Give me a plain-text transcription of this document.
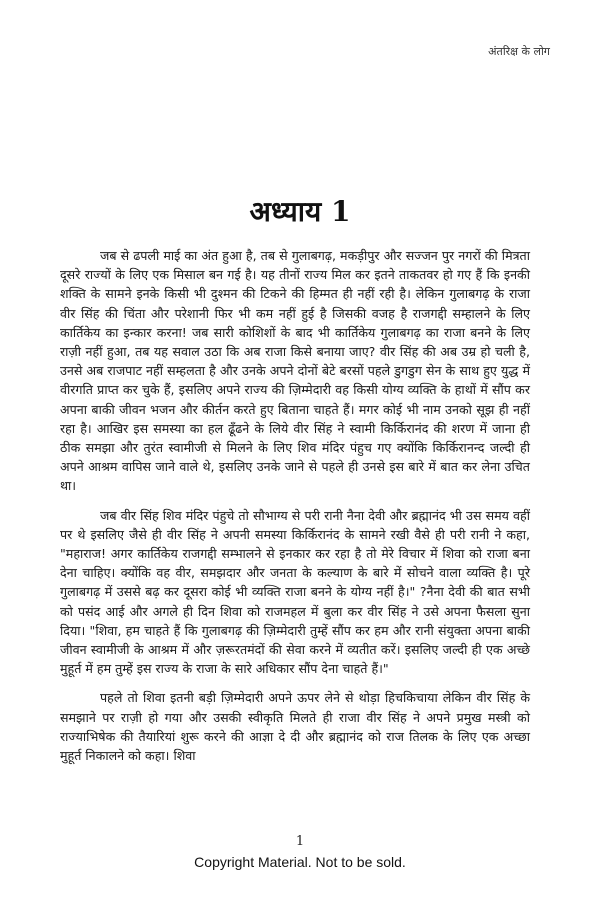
अंतरिक्ष के लोग
अध्याय 1

जब से ढपली माई का अंत हुआ है, तब से गुलाबगढ़, मकड़ीपुर और सज्जन पुर नगरों की मित्रता दूसरे राज्यों के लिए एक मिसाल बन गई है। यह तीनों राज्य मिल कर इतने ताकतवर हो गए हैं कि इनकी शक्ति के सामने इनके किसी भी दुश्मन की टिकने की हिम्मत ही नहीं रही है। लेकिन गुलाबगढ़ के राजा वीर सिंह की चिंता और परेशानी फिर भी कम नहीं हुई है जिसकी वजह है राजगद्दी सम्हालने के लिए कार्तिकेय का इन्कार करना! जब सारी कोशिशों के बाद भी कार्तिकेय गुलाबगढ़ का राजा बनने के लिए राज़ी नहीं हुआ, तब यह सवाल उठा कि अब राजा किसे बनाया जाए? वीर सिंह की अब उम्र हो चली है, उनसे अब राजपाट नहीं सम्हलता है और उनके अपने दोनों बेटे बरसों पहले डुगडुग सेन के साथ हुए युद्ध में वीरगति प्राप्त कर चुके हैं, इसलिए अपने राज्य की ज़िम्मेदारी वह किसी योग्य व्यक्ति के हाथों में सौंप कर अपना बाकी जीवन भजन और कीर्तन करते हुए बिताना चाहते हैं। मगर कोई भी नाम उनको सूझ ही नहीं रहा है। आखिर इस समस्या का हल ढूँढने के लिये वीर सिंह ने स्वामी किर्किरानंद की शरण में जाना ही ठीक समझा और तुरंत स्वामीजी से मिलने के लिए शिव मंदिर पंहुच गए क्योंकि किर्किरानन्द जल्दी ही अपने आश्रम वापिस जाने वाले थे, इसलिए उनके जाने से पहले ही उनसे इस बारे में बात कर लेना उचित था।

जब वीर सिंह शिव मंदिर पंहुचे तो सौभाग्य से परी रानी नैना देवी और ब्रह्मानंद भी उस समय वहीं पर थे इसलिए जैसे ही वीर सिंह ने अपनी समस्या किर्किरानंद के सामने रखी वैसे ही परी रानी ने कहा, "महाराज! अगर कार्तिकेय राजगद्दी सम्भालने से इनकार कर रहा है तो मेरे विचार में शिवा को राजा बना देना चाहिए। क्योंकि वह वीर, समझदार और जनता के कल्याण के बारे में सोचने वाला व्यक्ति है। पूरे गुलाबगढ़ में उससे बढ़ कर दूसरा कोई भी व्यक्ति राजा बनने के योग्य नहीं है।" ?नैना देवी की बात सभी को पसंद आई और अगले ही दिन शिवा को राजमहल में बुला कर वीर सिंह ने उसे अपना फैसला सुना दिया। "शिवा, हम चाहते हैं कि गुलाबगढ़ की ज़िम्मेदारी तुम्हें सौंप कर हम और रानी संयुक्ता अपना बाकी जीवन स्वामीजी के आश्रम में और ज़रूरतमंदों की सेवा करने में व्यतीत करें। इसलिए जल्दी ही एक अच्छे मुहूर्त में हम तुम्हें इस राज्य के राजा के सारे अधिकार सौंप देना चाहते हैं।"

पहले तो शिवा इतनी बड़ी ज़िम्मेदारी अपने ऊपर लेने से थोड़ा हिचकिचाया लेकिन वीर सिंह के समझाने पर राज़ी हो गया और उसकी स्वीकृति मिलते ही राजा वीर सिंह ने अपने प्रमुख मस्त्री को राज्याभिषेक की तैयारियां शुरू करने की आज्ञा दे दी और ब्रह्मानंद को राज तिलक के लिए एक अच्छा मुहूर्त निकालने को कहा। शिवा

1
Copyright Material. Not to be sold.
